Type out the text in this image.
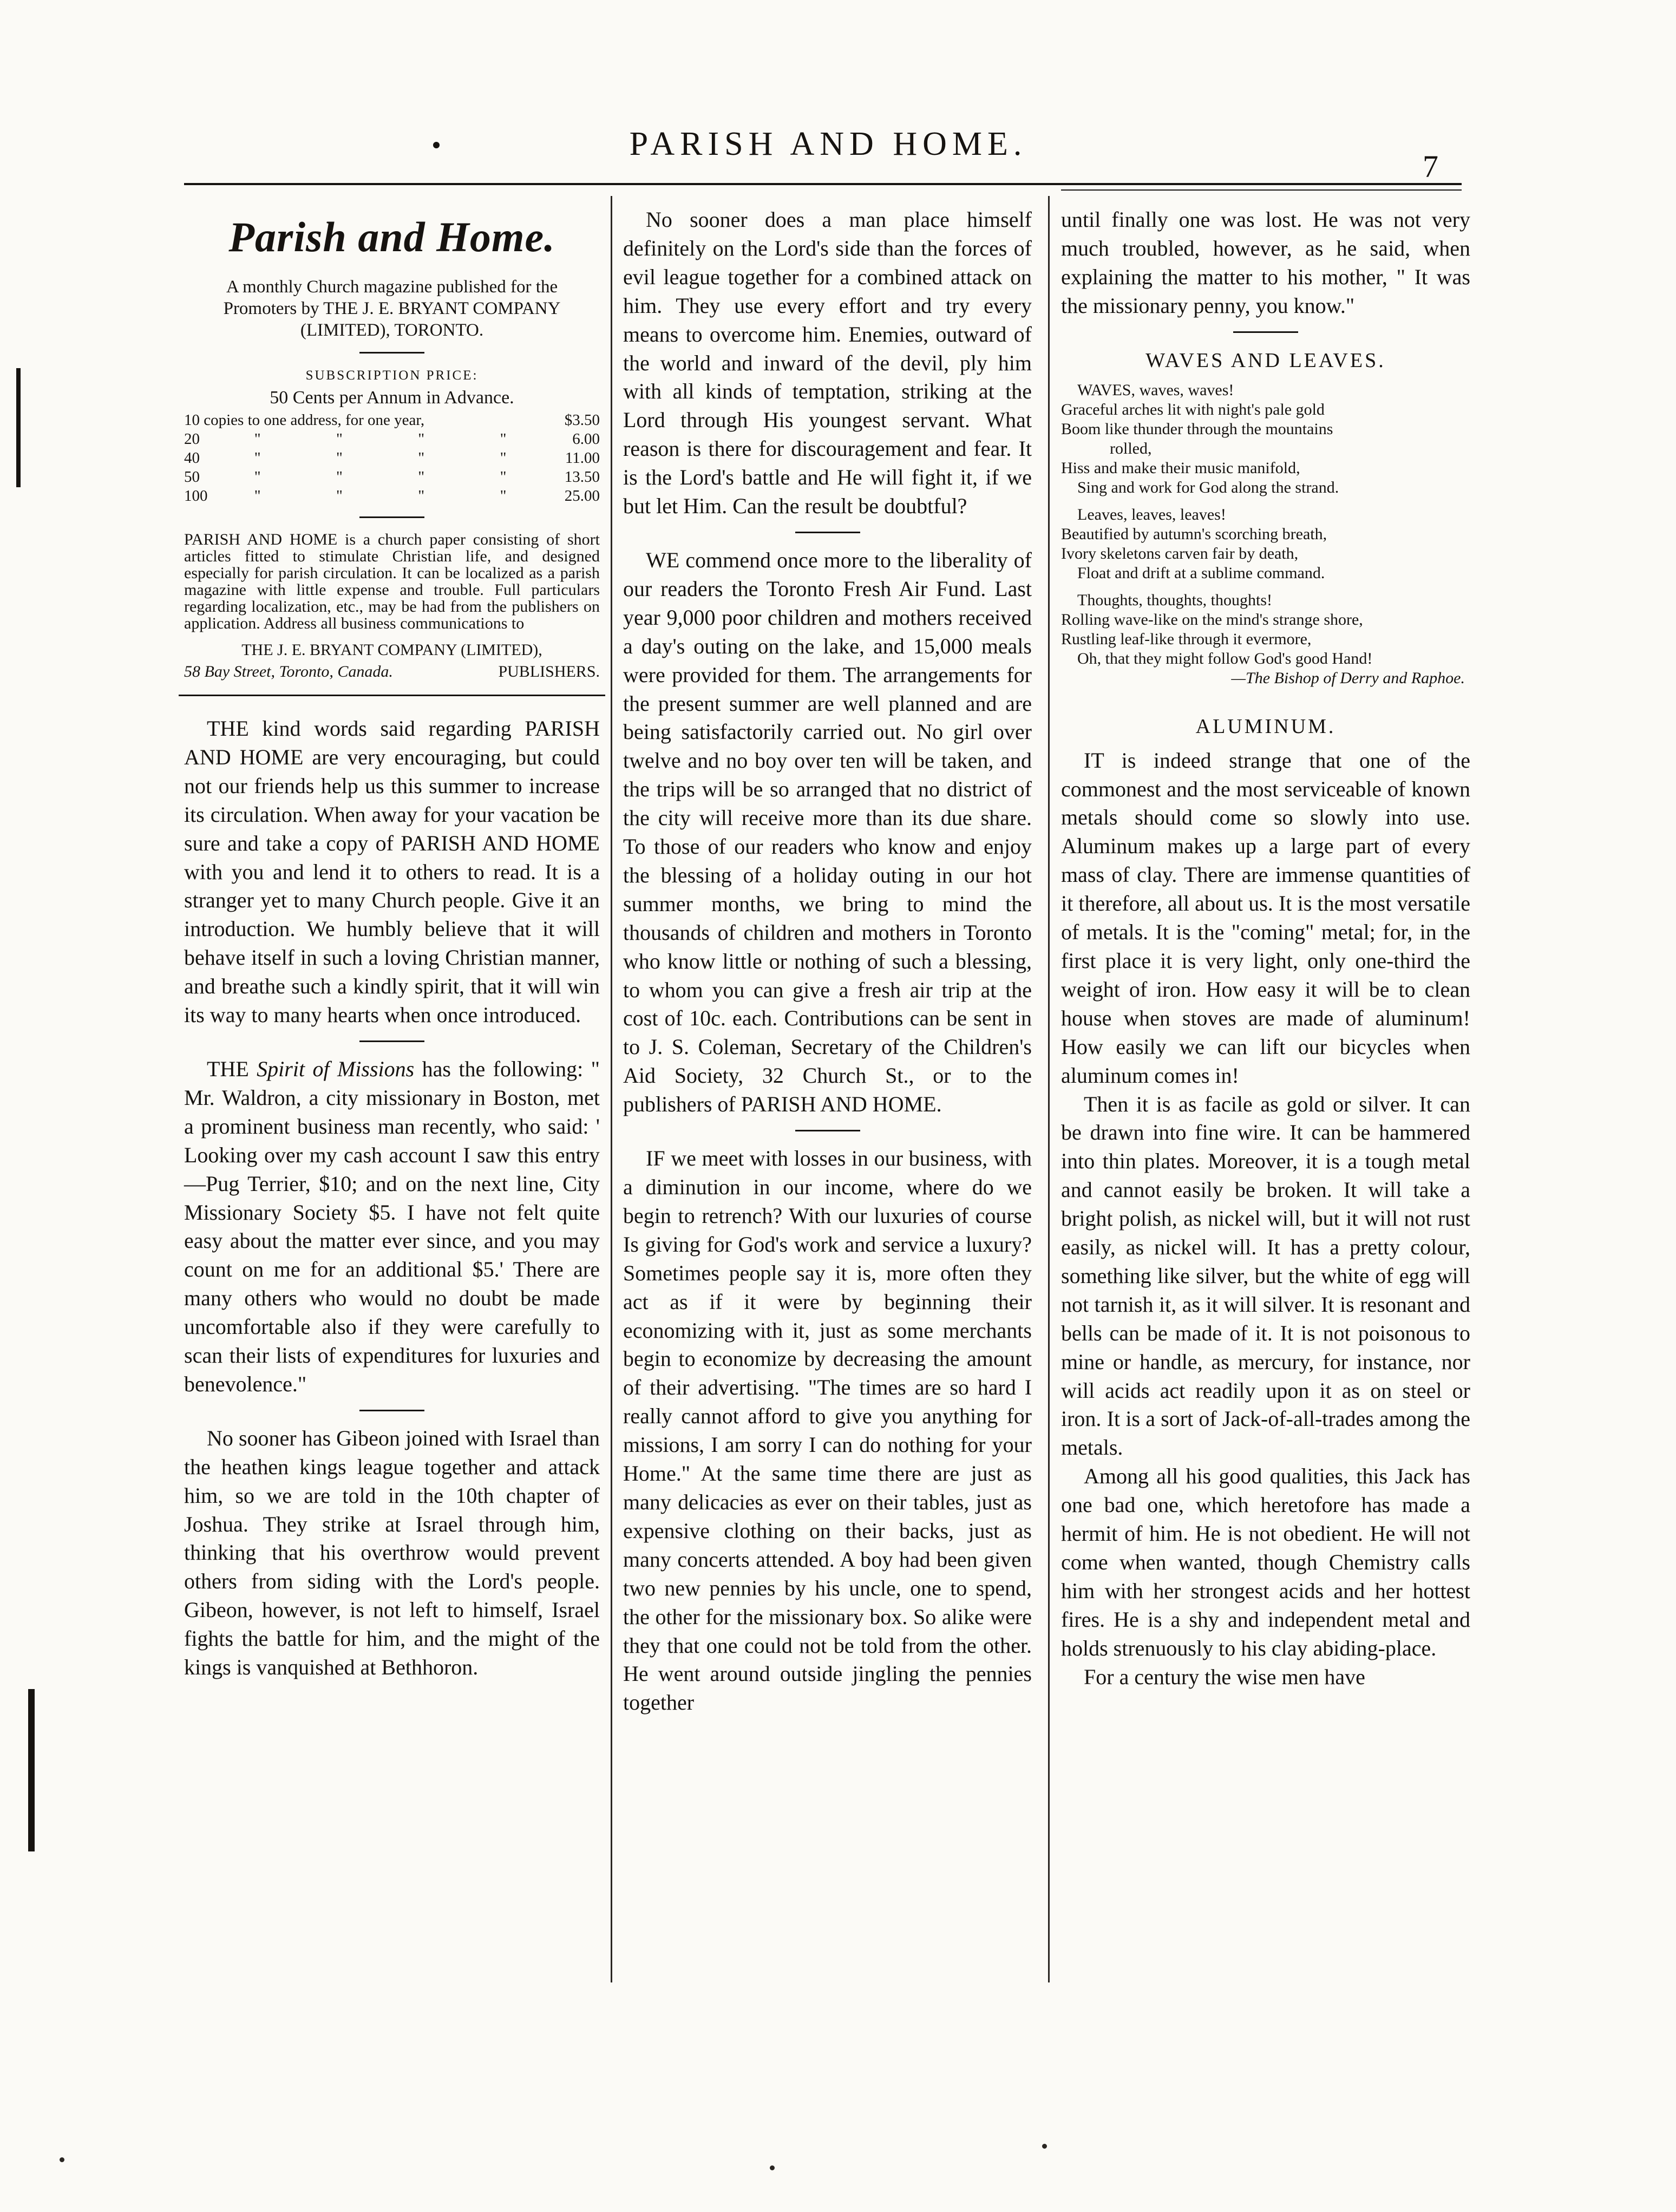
PARISH AND HOME.
7
Parish and Home.
A monthly Church magazine published for the Promoters by THE J. E. BRYANT COMPANY (LIMITED), TORONTO.
SUBSCRIPTION PRICE:
50 Cents per Annum in Advance.
10 copies to one address, for one year,					$3.50
20	"	"	"	"	6.00
40	"	"	"	"	11.00
50	"	"	"	"	13.50
100	"	"	"	"	25.00
PARISH AND HOME is a church paper consisting of short articles fitted to stimulate Christian life, and designed especially for parish circulation. It can be localized as a parish magazine with little expense and trouble. Full particulars regarding localization, etc., may be had from the publishers on application. Address all business communications to
THE J. E. BRYANT COMPANY (LIMITED),
58 Bay Street, Toronto, Canada.	PUBLISHERS.

THE kind words said regarding PARISH AND HOME are very encouraging, but could not our friends help us this summer to increase its circulation. When away for your vacation be sure and take a copy of PARISH AND HOME with you and lend it to others to read. It is a stranger yet to many Church people. Give it an introduction. We humbly believe that it will behave itself in such a loving Christian manner, and breathe such a kindly spirit, that it will win its way to many hearts when once introduced.

THE Spirit of Missions has the following: " Mr. Waldron, a city missionary in Boston, met a prominent business man recently, who said: ' Looking over my cash account I saw this entry—Pug Terrier, $10; and on the next line, City Missionary Society $5. I have not felt quite easy about the matter ever since, and you may count on me for an additional $5.' There are many others who would no doubt be made uncomfortable also if they were carefully to scan their lists of expenditures for luxuries and benevolence."

No sooner has Gibeon joined with Israel than the heathen kings league together and attack him, so we are told in the 10th chapter of Joshua. They strike at Israel through him, thinking that his overthrow would prevent others from siding with the Lord's people. Gibeon, however, is not left to himself, Israel fights the battle for him, and the might of the kings is vanquished at Bethhoron.

No sooner does a man place himself definitely on the Lord's side than the forces of evil league together for a combined attack on him. They use every effort and try every means to overcome him. Enemies, outward of the world and inward of the devil, ply him with all kinds of temptation, striking at the Lord through His youngest servant. What reason is there for discouragement and fear. It is the Lord's battle and He will fight it, if we but let Him. Can the result be doubtful?

WE commend once more to the liberality of our readers the Toronto Fresh Air Fund. Last year 9,000 poor children and mothers received a day's outing on the lake, and 15,000 meals were provided for them. The arrangements for the present summer are well planned and are being satisfactorily carried out. No girl over twelve and no boy over ten will be taken, and the trips will be so arranged that no district of the city will receive more than its due share. To those of our readers who know and enjoy the blessing of a holiday outing in our hot summer months, we bring to mind the thousands of children and mothers in Toronto who know little or nothing of such a blessing, to whom you can give a fresh air trip at the cost of 10c. each. Contributions can be sent in to J. S. Coleman, Secretary of the Children's Aid Society, 32 Church St., or to the publishers of PARISH AND HOME.

IF we meet with losses in our business, with a diminution in our income, where do we begin to retrench? With our luxuries of course Is giving for God's work and service a luxury? Sometimes people say it is, more often they act as if it were by beginning their economizing with it, just as some merchants begin to economize by decreasing the amount of their advertising. "The times are so hard I really cannot afford to give you anything for missions, I am sorry I can do nothing for your Home." At the same time there are just as many delicacies as ever on their tables, just as expensive clothing on their backs, just as many concerts attended. A boy had been given two new pennies by his uncle, one to spend, the other for the missionary box. So alike were they that one could not be told from the other. He went around outside jingling the pennies together

until finally one was lost. He was not very much troubled, however, as he said, when explaining the matter to his mother, " It was the missionary penny, you know."

WAVES AND LEAVES.
WAVES, waves, waves!
Graceful arches lit with night's pale gold
Boom like thunder through the mountains
rolled,
Hiss and make their music manifold,
Sing and work for God along the strand.
Leaves, leaves, leaves!
Beautified by autumn's scorching breath,
Ivory skeletons carven fair by death,
Float and drift at a sublime command.
Thoughts, thoughts, thoughts!
Rolling wave-like on the mind's strange shore,
Rustling leaf-like through it evermore,
Oh, that they might follow God's good Hand!
—The Bishop of Derry and Raphoe.
ALUMINUM.

IT is indeed strange that one of the commonest and the most serviceable of known metals should come so slowly into use. Aluminum makes up a large part of every mass of clay. There are immense quantities of it therefore, all about us. It is the most versatile of metals. It is the "coming" metal; for, in the first place it is very light, only one-third the weight of iron. How easy it will be to clean house when stoves are made of aluminum! How easily we can lift our bicycles when aluminum comes in!

Then it is as facile as gold or silver. It can be drawn into fine wire. It can be hammered into thin plates. Moreover, it is a tough metal and cannot easily be broken. It will take a bright polish, as nickel will, but it will not rust easily, as nickel will. It has a pretty colour, something like silver, but the white of egg will not tarnish it, as it will silver. It is resonant and bells can be made of it. It is not poisonous to mine or handle, as mercury, for instance, nor will acids act readily upon it as on steel or iron. It is a sort of Jack-of-all-trades among the metals.

Among all his good qualities, this Jack has one bad one, which heretofore has made a hermit of him. He is not obedient. He will not come when wanted, though Chemistry calls him with her strongest acids and her hottest fires. He is a shy and independent metal and holds strenuously to his clay abiding-place.

For a century the wise men have
